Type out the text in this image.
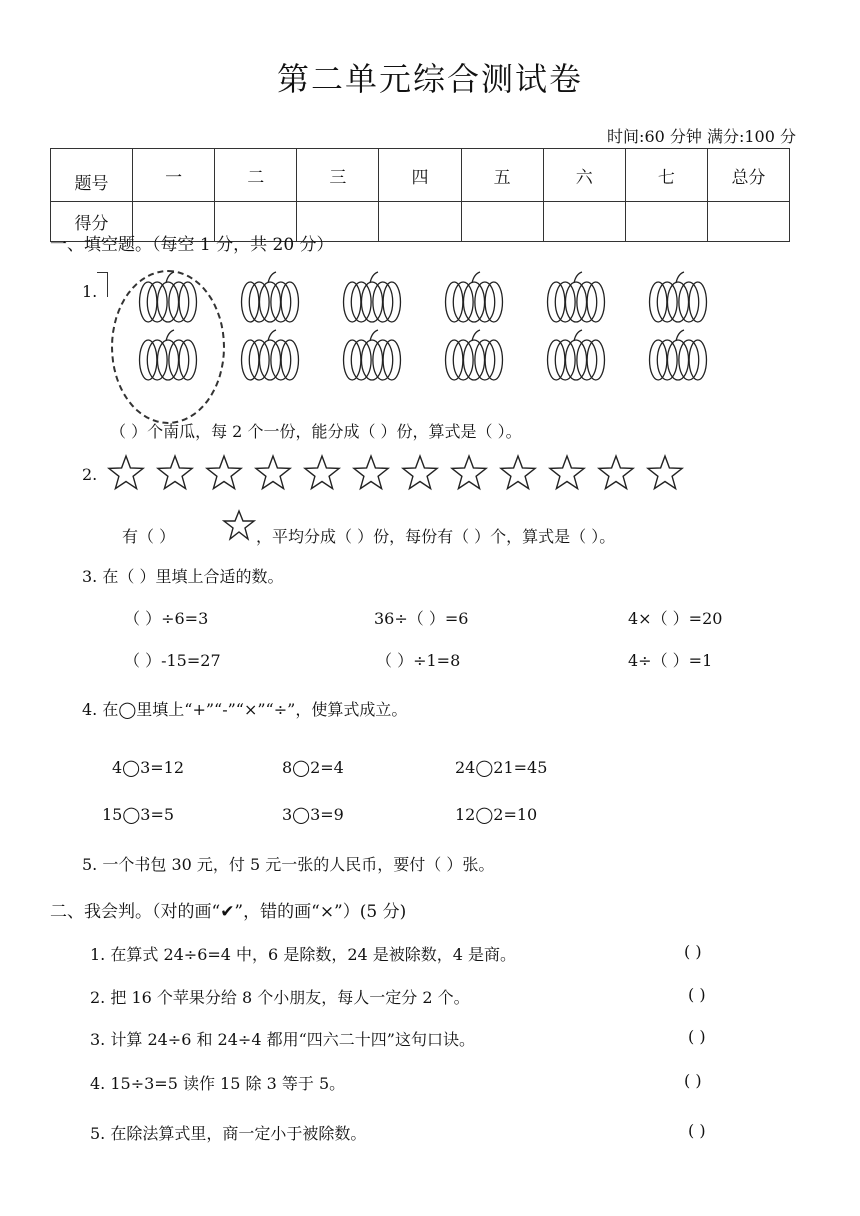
第二单元综合测试卷
时间:60 分钟 满分:100 分
题号	一	二	三	四	五	六	七	总分
得分								
一、填空题。（每空 1 分，共 20 分）
1.
（ ）个南瓜，每 2 个一份，能分成（ ）份，算式是（ ）。
2.
有（ ）	，平均分成（ ）份，每份有（ ）个，算式是（ ）。
3. 在（ ）里填上合适的数。
（ ）÷6=3	36÷（ ）=6	4×（ ）=20
（ ）-15=27	（ ）÷1=8	4÷（ ）=1
4. 在◯里填上“+”“-”“×”“÷”，使算式成立。
4◯3=12	8◯2=4	24◯21=45
15◯3=5	3◯3=9	12◯2=10
5. 一个书包 30 元，付 5 元一张的人民币，要付（ ）张。
二、我会判。（对的画“✔”，错的画“×”）(5 分)
1. 在算式 24÷6=4 中，6 是除数，24 是被除数，4 是商。	( )
2. 把 16 个苹果分给 8 个小朋友，每人一定分 2 个。	( )
3. 计算 24÷6 和 24÷4 都用“四六二十四”这句口诀。	( )
4. 15÷3=5 读作 15 除 3 等于 5。	( )
5. 在除法算式里，商一定小于被除数。	( )
